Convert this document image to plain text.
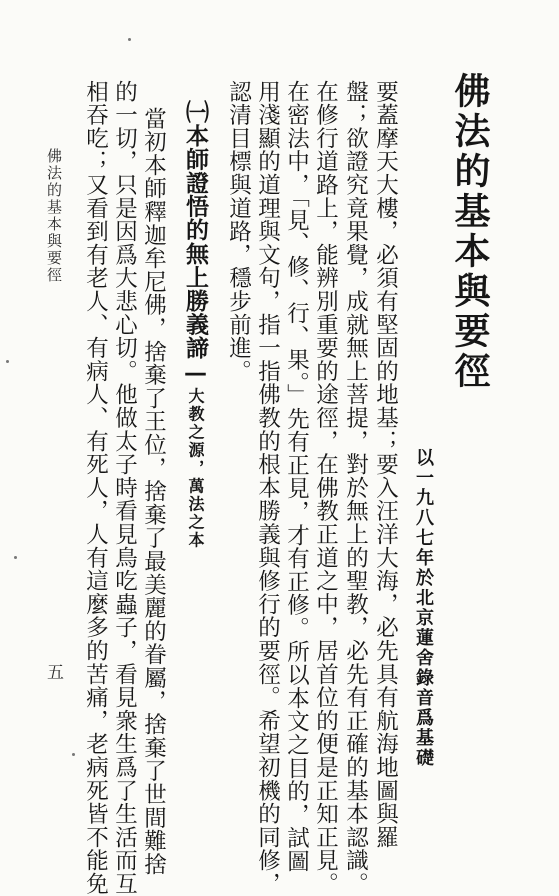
佛法的基本與要徑
以一九八七年於北京蓮舍錄音爲基礎
要蓋摩天大樓，必須有堅固的地基；要入汪洋大海，必先具有航海地圖與羅
盤；欲證究竟果覺，成就無上菩提，對於無上的聖教，必先有正確的基本認識。
在修行道路上，能辨別重要的途徑，在佛教正道之中，居首位的便是正知正見。
在密法中，「見、修、行、果。」先有正見，才有正修。所以本文之目的，試圖
用淺顯的道理與文句，指一指佛教的根本勝義與修行的要徑。希望初機的同修，
認清目標與道路，穩步前進。
㈠本師證悟的無上勝義諦—大教之源，萬法之本
當初本師釋迦牟尼佛，捨棄了王位，捨棄了最美麗的眷屬，捨棄了世間難捨
的一切，只是因爲大悲心切。他做太子時看見鳥吃蟲子，看見衆生爲了生活而互
相吞吃；又看到有老人、有病人、有死人，人有這麼多的苦痛，老病死皆不能免
佛法的基本與要徑
五
